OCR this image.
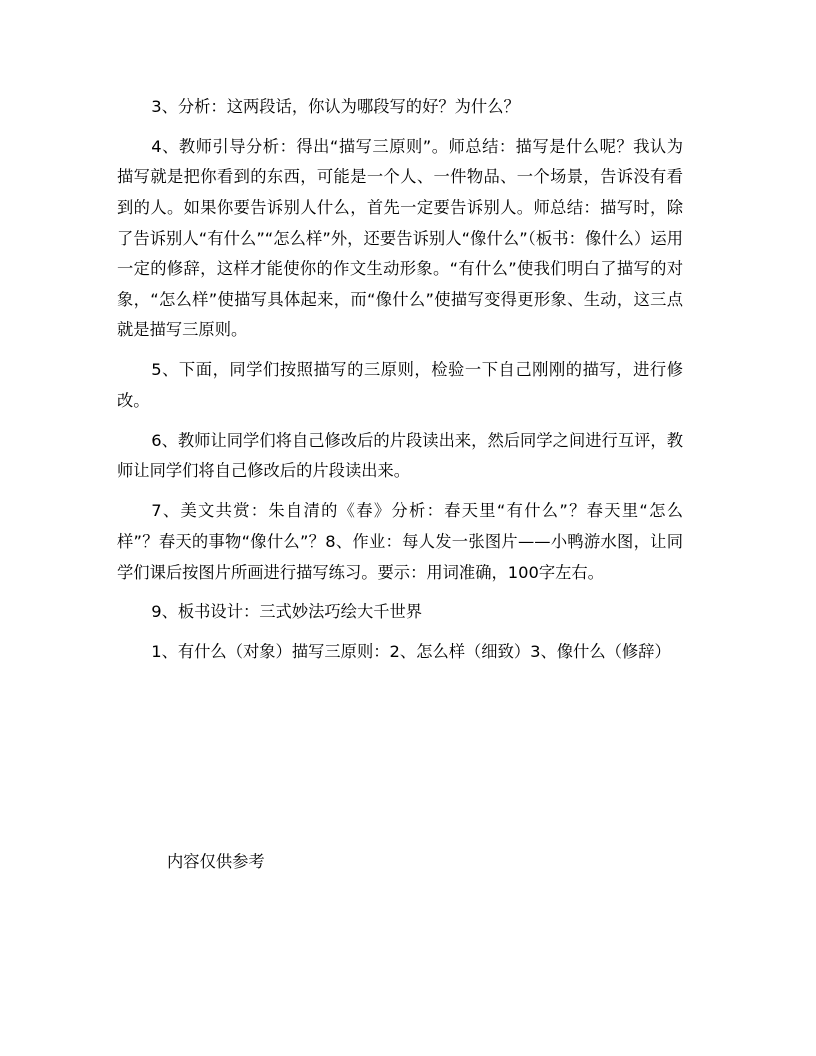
3、分析：这两段话，你认为哪段写的好？为什么？

4、教师引导分析：得出“描写三原则”。师总结：描写是什么呢？我认为描写就是把你看到的东西，可能是一个人、一件物品、一个场景，告诉没有看到的人。如果你要告诉别人什么，首先一定要告诉别人。师总结：描写时，除了告诉别人“有什么”“怎么样”外，还要告诉别人“像什么”（板书：像什么）运用一定的修辞，这样才能使你的作文生动形象。“有什么”使我们明白了描写的对象，“怎么样”使描写具体起来，而“像什么”使描写变得更形象、生动，这三点就是描写三原则。

5、下面，同学们按照描写的三原则，检验一下自己刚刚的描写，进行修改。

6、教师让同学们将自己修改后的片段读出来，然后同学之间进行互评，教师让同学们将自己修改后的片段读出来。

7、美文共赏：朱自清的《春》分析：春天里“有什么”？春天里“怎么样”？春天的事物“像什么”？8、作业：每人发一张图片——小鸭游水图，让同学们课后按图片所画进行描写练习。要示：用词准确，100字左右。

9、板书设计：三式妙法巧绘大千世界

1、有什么（对象）描写三原则：2、怎么样（细致）3、像什么（修辞）

内容仅供参考
